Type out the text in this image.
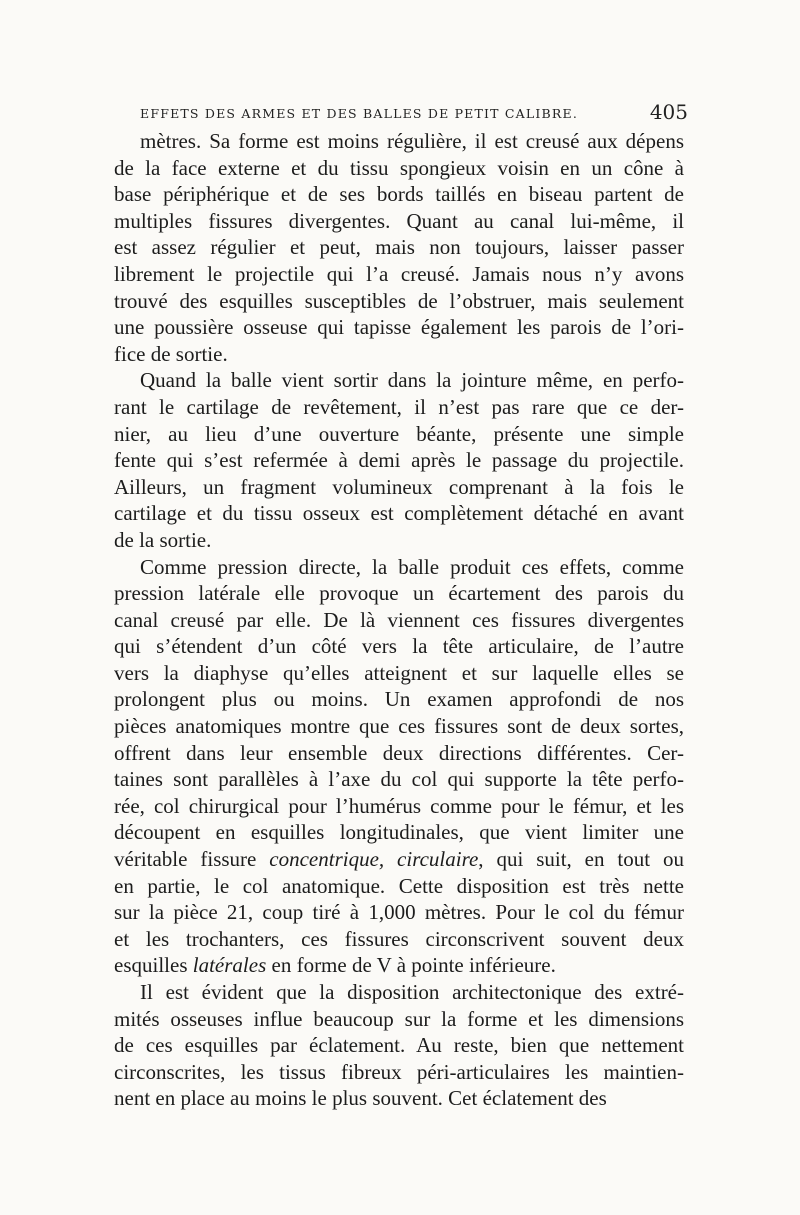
EFFETS DES ARMES ET DES BALLES DE PETIT CALIBRE.	405
mètres. Sa forme est moins régulière, il est creusé aux dépens
de la face externe et du tissu spongieux voisin en un cône à
base périphérique et de ses bords taillés en biseau partent de
multiples fissures divergentes. Quant au canal lui-même, il
est assez régulier et peut, mais non toujours, laisser passer
librement le projectile qui l’a creusé. Jamais nous n’y avons
trouvé des esquilles susceptibles de l’obstruer, mais seulement
une poussière osseuse qui tapisse également les parois de l’ori-
fice de sortie.
Quand la balle vient sortir dans la jointure même, en perfo-
rant le cartilage de revêtement, il n’est pas rare que ce der-
nier, au lieu d’une ouverture béante, présente une simple
fente qui s’est refermée à demi après le passage du projectile.
Ailleurs, un fragment volumineux comprenant à la fois le
cartilage et du tissu osseux est complètement détaché en avant
de la sortie.
Comme pression directe, la balle produit ces effets, comme
pression latérale elle provoque un écartement des parois du
canal creusé par elle. De là viennent ces fissures divergentes
qui s’étendent d’un côté vers la tête articulaire, de l’autre
vers la diaphyse qu’elles atteignent et sur laquelle elles se
prolongent plus ou moins. Un examen approfondi de nos
pièces anatomiques montre que ces fissures sont de deux sortes,
offrent dans leur ensemble deux directions différentes. Cer-
taines sont parallèles à l’axe du col qui supporte la tête perfo-
rée, col chirurgical pour l’humérus comme pour le fémur, et les
découpent en esquilles longitudinales, que vient limiter une
véritable fissure concentrique, circulaire, qui suit, en tout ou
en partie, le col anatomique. Cette disposition est très nette
sur la pièce 21, coup tiré à 1,000 mètres. Pour le col du fémur
et les trochanters, ces fissures circonscrivent souvent deux
esquilles latérales en forme de V à pointe inférieure.
Il est évident que la disposition architectonique des extré-
mités osseuses influe beaucoup sur la forme et les dimensions
de ces esquilles par éclatement. Au reste, bien que nettement
circonscrites, les tissus fibreux péri-articulaires les maintien-
nent en place au moins le plus souvent. Cet éclatement des
